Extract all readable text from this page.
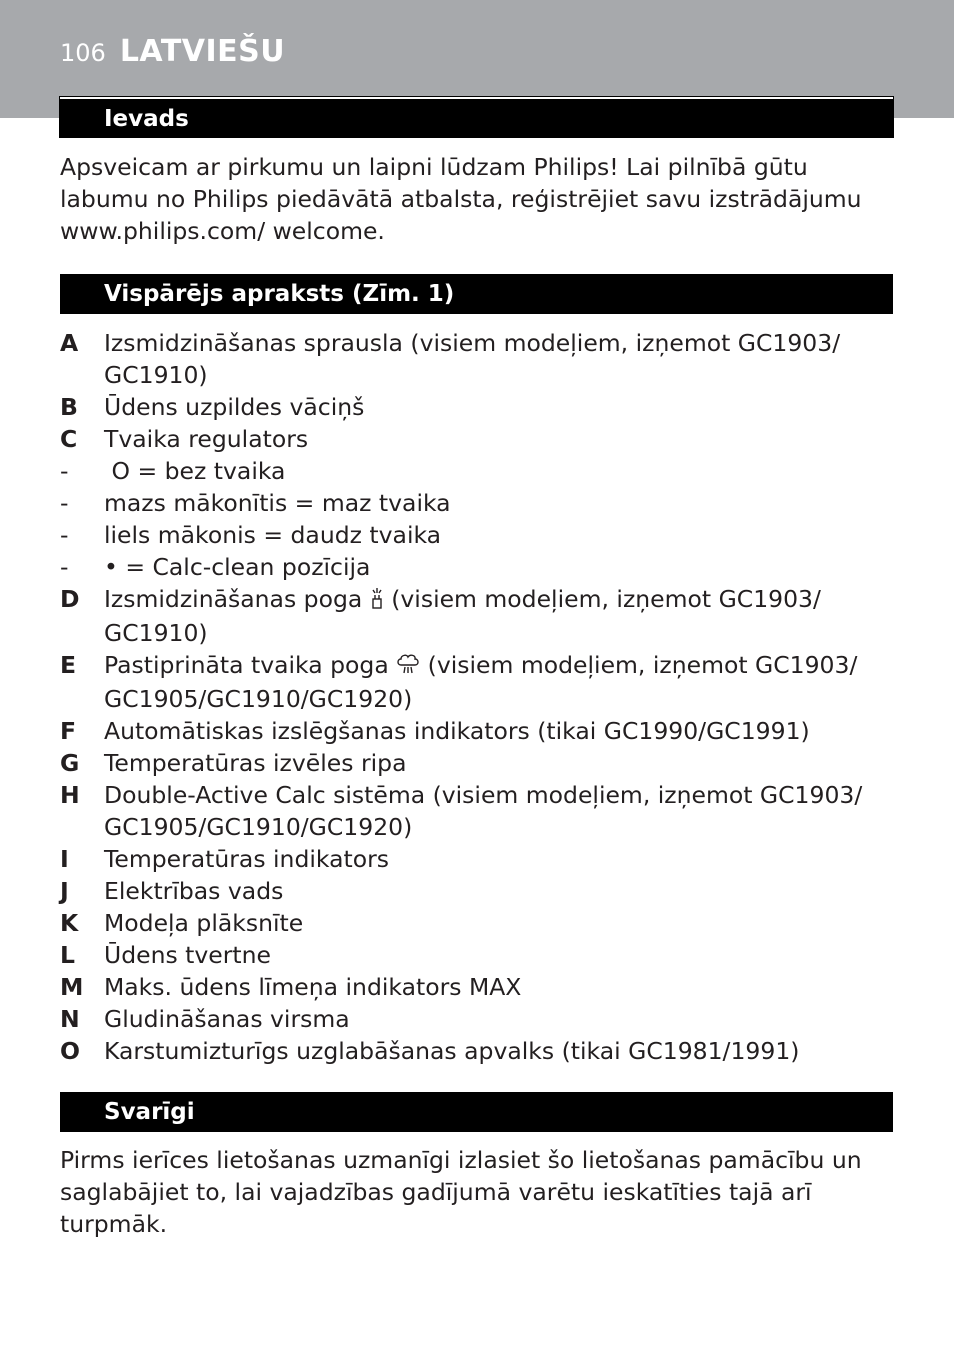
106 LATVIEŠU
Ievads

Apsveicam ar pirkumu un laipni lūdzam Philips! Lai pilnībā gūtu labumu no Philips piedāvātā atbalsta, reģistrējiet savu izstrādājumu www.philips.com/ welcome.

Vispārējs apraksts (Zīm. 1)
A	Izsmidzināšanas sprausla (visiem modeļiem, izņemot GC1903/ GC1910)
B	Ūdens uzpildes vāciņš
C	Tvaika regulators
-	O = bez tvaika
-	mazs mākonītis = maz tvaika
-	liels mākonis = daudz tvaika
-	• = Calc-clean pozīcija
D	Izsmidzināšanas poga  (visiem modeļiem, izņemot GC1903/ GC1910)
E	Pastiprināta tvaika poga  (visiem modeļiem, izņemot GC1903/ GC1905/GC1910/GC1920)
F	Automātiskas izslēgšanas indikators (tikai GC1990/GC1991)
G	Temperatūras izvēles ripa
H	Double-Active Calc sistēma (visiem modeļiem, izņemot GC1903/ GC1905/GC1910/GC1920)
I	Temperatūras indikators
J	Elektrības vads
K	Modeļa plāksnīte
L	Ūdens tvertne
M Maks. ūdens līmeņa indikators MAX
N	Gludināšanas virsma
O	Karstumizturīgs uzglabāšanas apvalks (tikai GC1981/1991)
Svarīgi

Pirms ierīces lietošanas uzmanīgi izlasiet šo lietošanas pamācību un saglabājiet to, lai vajadzības gadījumā varētu ieskatīties tajā arī turpmāk.
